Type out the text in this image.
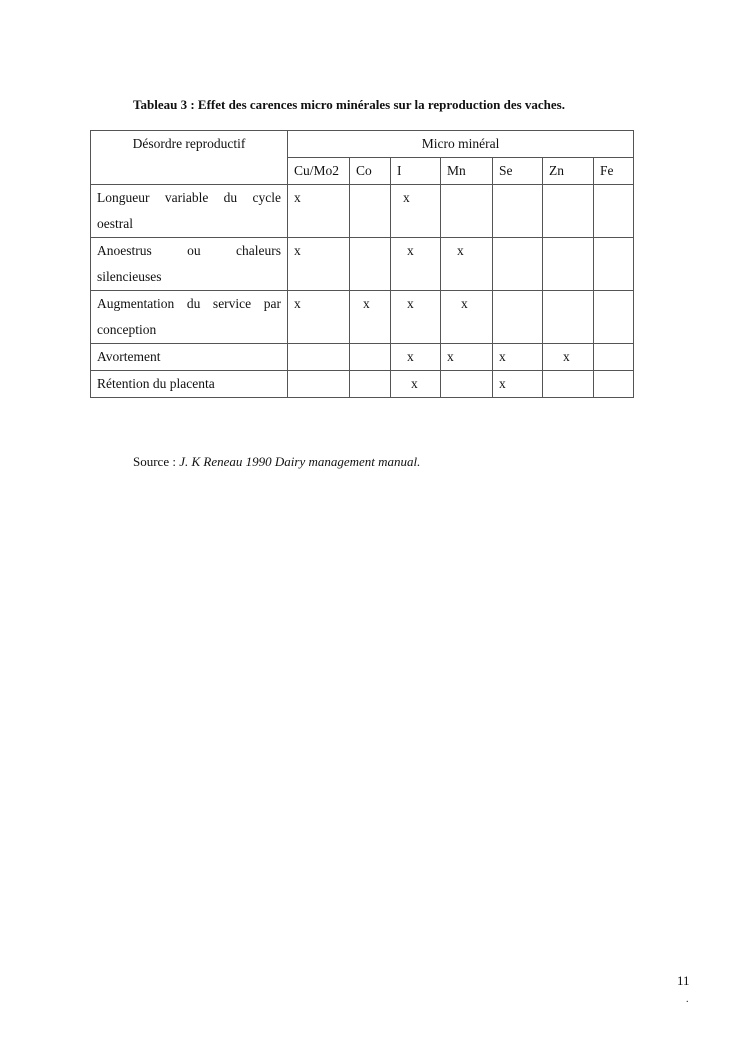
Tableau 3 : Effet des carences micro minérales sur la reproduction des vaches.
Désordre reproductif	Micro minéral						
	Cu/Mo2	Co	I	Mn	Se	Zn	Fe
Longueur variable du cycle
oestral	x		x				
Anoestrus ou chaleurs
silencieuses	x		x	x			
Augmentation du service par
conception	x	x	x	x			
Avortement			x	x	x	x	
Rétention du placenta			x		x		
Source : J. K Reneau 1990 Dairy management manual.
11
.
